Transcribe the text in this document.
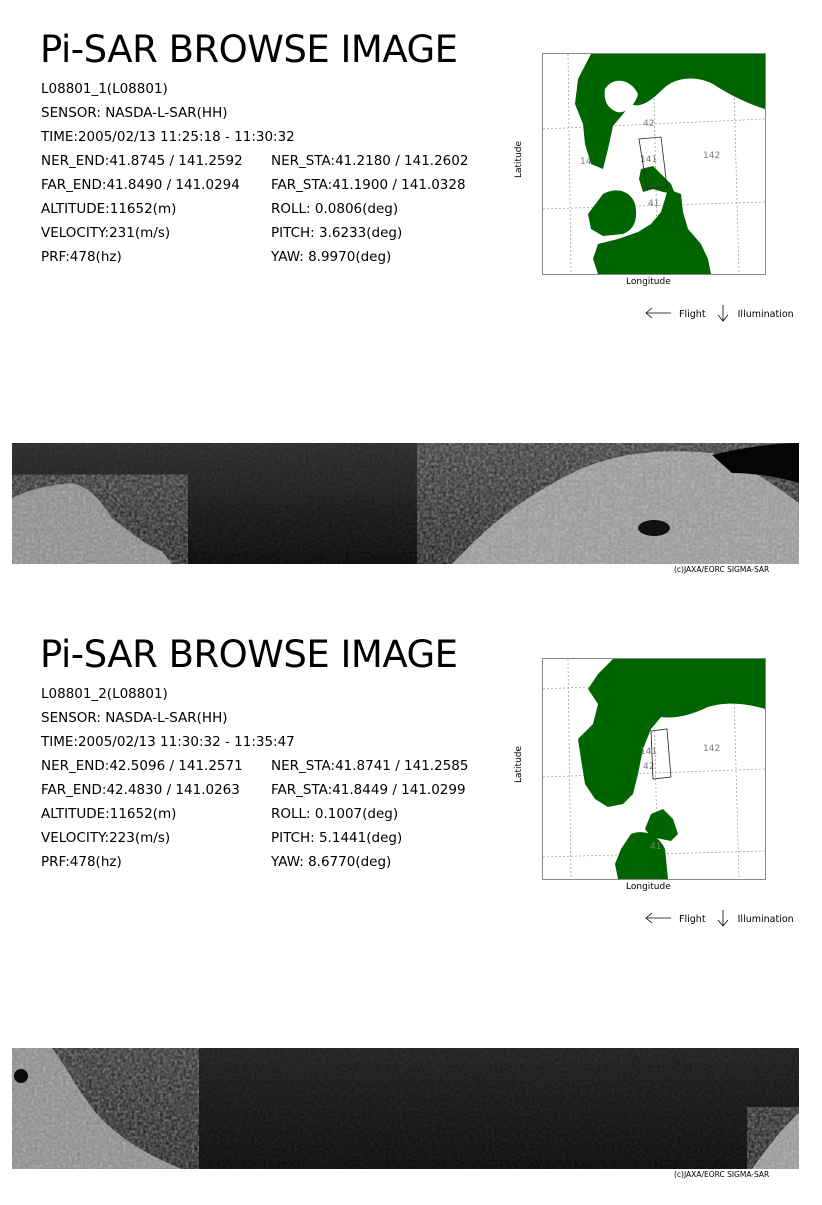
Pi-SAR BROWSE IMAGE
L08801_1(L08801)
SENSOR: NASDA-L-SAR(HH)
TIME:2005/02/13 11:25:18 - 11:30:32
NER_END:41.8745 / 141.2592 NER_STA:41.2180 / 141.2602
FAR_END:41.8490 / 141.0294 FAR_STA:41.1900 / 141.0328
ALTITUDE:11652(m)	ROLL: 0.0806(deg)
VELOCITY:231(m/s)	PITCH: 3.6233(deg)
PRF:478(hz)	YAW: 8.9970(deg)
42
141	142
41
14
Latitude
Longitude
Flight	Illumination
(c)JAXA/EORC SIGMA-SAR
Pi-SAR BROWSE IMAGE
L08801_2(L08801)
SENSOR: NASDA-L-SAR(HH)
TIME:2005/02/13 11:30:32 - 11:35:47
NER_END:42.5096 / 141.2571 NER_STA:41.8741 / 141.2585
FAR_END:42.4830 / 141.0263 FAR_STA:41.8449 / 141.0299
ALTITUDE:11652(m)	ROLL: 0.1007(deg)
VELOCITY:223(m/s)	PITCH: 5.1441(deg)
PRF:478(hz)	YAW: 8.6770(deg)
141
42
142
41
Latitude
Longitude
Flight	Illumination
(c)JAXA/EORC SIGMA-SAR
